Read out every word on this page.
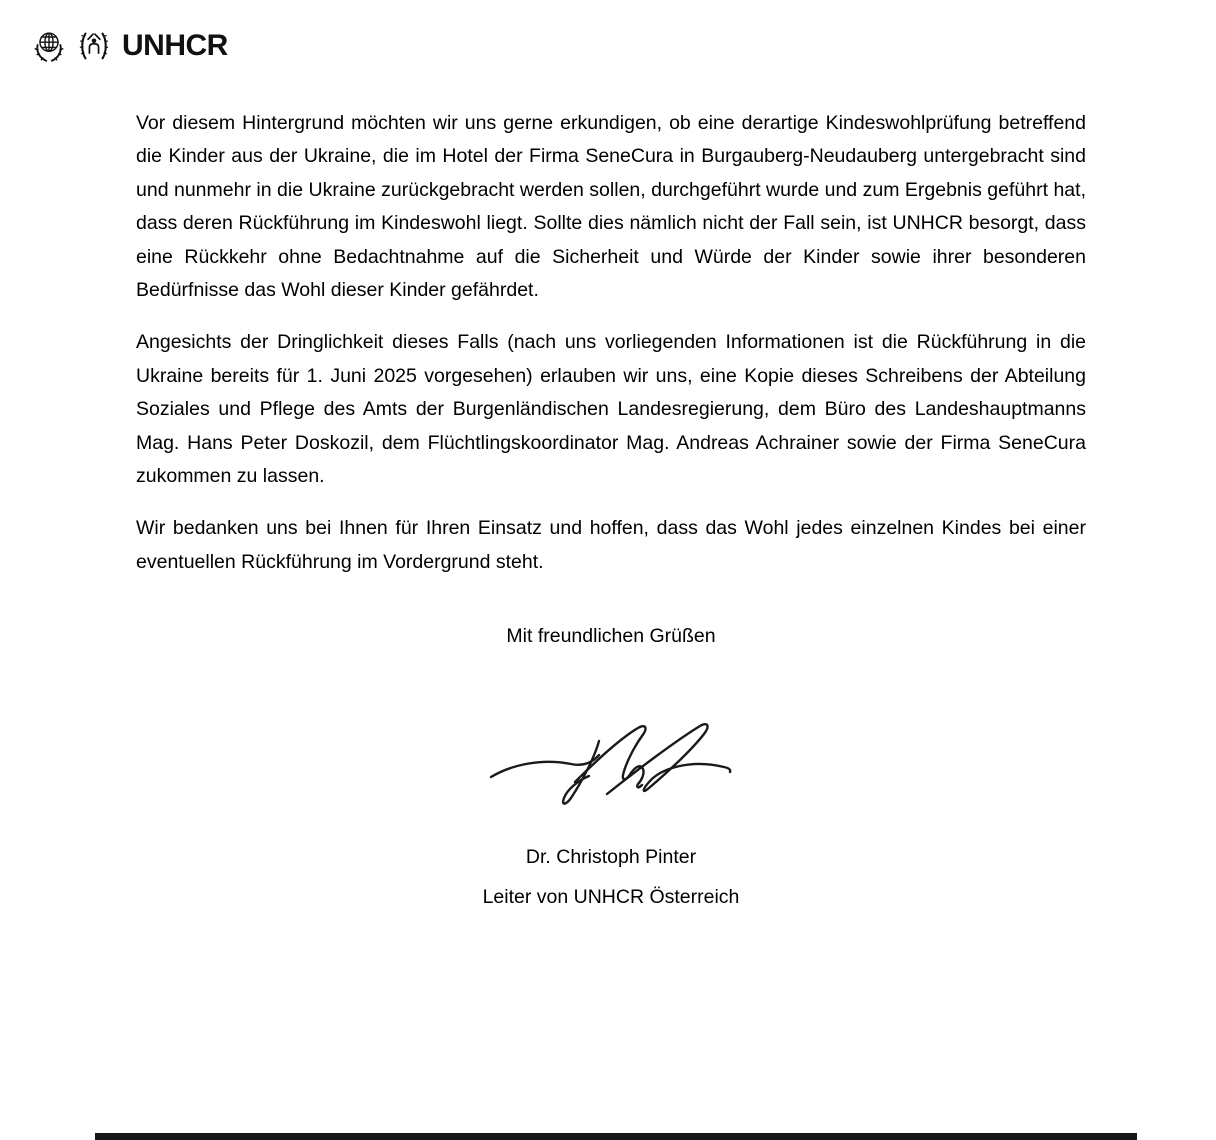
UNHCR

Vor diesem Hintergrund möchten wir uns gerne erkundigen, ob eine derartige Kindeswohlprüfung betreffend die Kinder aus der Ukraine, die im Hotel der Firma SeneCura in Burgauberg-Neudauberg untergebracht sind und nunmehr in die Ukraine zurückgebracht werden sollen, durchgeführt wurde und zum Ergebnis geführt hat, dass deren Rückführung im Kindeswohl liegt. Sollte dies nämlich nicht der Fall sein, ist UNHCR besorgt, dass eine Rückkehr ohne Bedachtnahme auf die Sicherheit und Würde der Kinder sowie ihrer besonderen Bedürfnisse das Wohl dieser Kinder gefährdet.

Angesichts der Dringlichkeit dieses Falls (nach uns vorliegenden Informationen ist die Rückführung in die Ukraine bereits für 1. Juni 2025 vorgesehen) erlauben wir uns, eine Kopie dieses Schreibens der Abteilung Soziales und Pflege des Amts der Burgenländischen Landesregierung, dem Büro des Landeshauptmanns Mag. Hans Peter Doskozil, dem Flüchtlingskoordinator Mag. Andreas Achrainer sowie der Firma SeneCura zukommen zu lassen.

Wir bedanken uns bei Ihnen für Ihren Einsatz und hoffen, dass das Wohl jedes einzelnen Kindes bei einer eventuellen Rückführung im Vordergrund steht.

Mit freundlichen Grüßen

Dr. Christoph Pinter
Leiter von UNHCR Österreich
